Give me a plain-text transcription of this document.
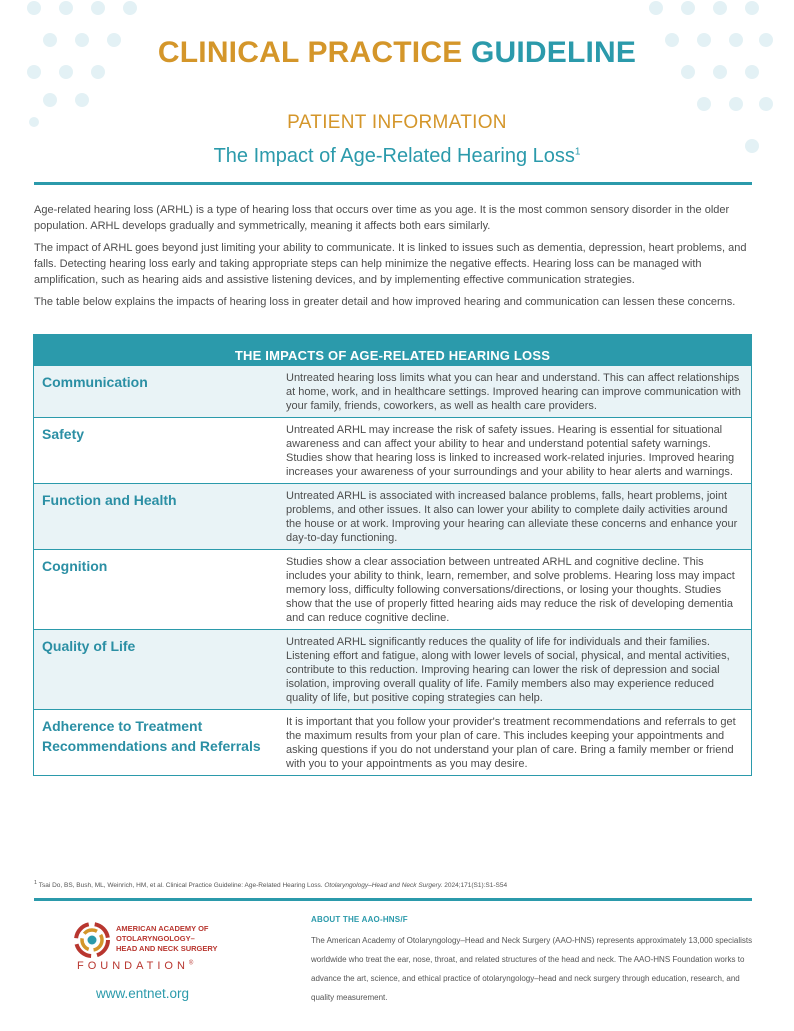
CLINICAL PRACTICE GUIDELINE
PATIENT INFORMATION
The Impact of Age-Related Hearing Loss$^1$

Age-related hearing loss (ARHL) is a type of hearing loss that occurs over time as you age. It is the most common sensory disorder in the older population. ARHL develops gradually and symmetrically, meaning it affects both ears similarly.

The impact of ARHL goes beyond just limiting your ability to communicate. It is linked to issues such as dementia, depression, heart problems, and falls. Detecting hearing loss early and taking appropriate steps can help minimize the negative effects. Hearing loss can be managed with amplification, such as hearing aids and assistive listening devices, and by implementing effective communication strategies.

The table below explains the impacts of hearing loss in greater detail and how improved hearing and communication can lessen these concerns.

THE IMPACTS OF AGE-RELATED HEARING LOSS	
Communication	Untreated hearing loss limits what you can hear and understand. This can affect relationships at home, work, and in healthcare settings. Improved hearing can improve communication with your family, friends, coworkers, as well as health care providers.
Safety	Untreated ARHL may increase the risk of safety issues. Hearing is essential for situational awareness and can affect your ability to hear and understand potential safety warnings. Studies show that hearing loss is linked to increased work-related injuries. Improved hearing increases your awareness of your surroundings and your ability to hear alerts and warnings.
Function and Health	Untreated ARHL is associated with increased balance problems, falls, heart problems, joint problems, and other issues. It also can lower your ability to complete daily activities around the house or at work. Improving your hearing can alleviate these concerns and enhance your day-to-day functioning.
Cognition	Studies show a clear association between untreated ARHL and cognitive decline. This includes your ability to think, learn, remember, and solve problems. Hearing loss may impact memory loss, difficulty following conversations/directions, or losing your thoughts. Studies show that the use of properly fitted hearing aids may reduce the risk of developing dementia and can reduce cognitive decline.
Quality of Life	Untreated ARHL significantly reduces the quality of life for individuals and their families. Listening effort and fatigue, along with lower levels of social, physical, and mental activities, contribute to this reduction. Improving hearing can lower the risk of depression and social isolation, improving overall quality of life. Family members also may experience reduced quality of life, but positive coping strategies can help.
Adherence to Treatment Recommendations and Referrals	It is important that you follow your provider's treatment recommendations and referrals to get the maximum results from your plan of care. This includes keeping your appointments and asking questions if you do not understand your plan of care. Bring a family member or friend with you to your appointments as you may desire.
$^1$ Tsai Do, BS, Bush, ML, Weinrich, HM, et al. Clinical Practice Guideline: Age-Related Hearing Loss. Otolaryngology–Head and Neck Surgery. 2024;171(S1):S1-S54
AMERICAN ACADEMY OF
OTOLARYNGOLOGY–
HEAD AND NECK SURGERY
FOUNDATION®
www.entnet.org
ABOUT THE AAO-HNS/F
The American Academy of Otolaryngology–Head and Neck Surgery (AAO-HNS) represents approximately 13,000 specialists worldwide who treat the ear, nose, throat, and related structures of the head and neck. The AAO-HNS Foundation works to advance the art, science, and ethical practice of otolaryngology–head and neck surgery through education, research, and quality measurement.
